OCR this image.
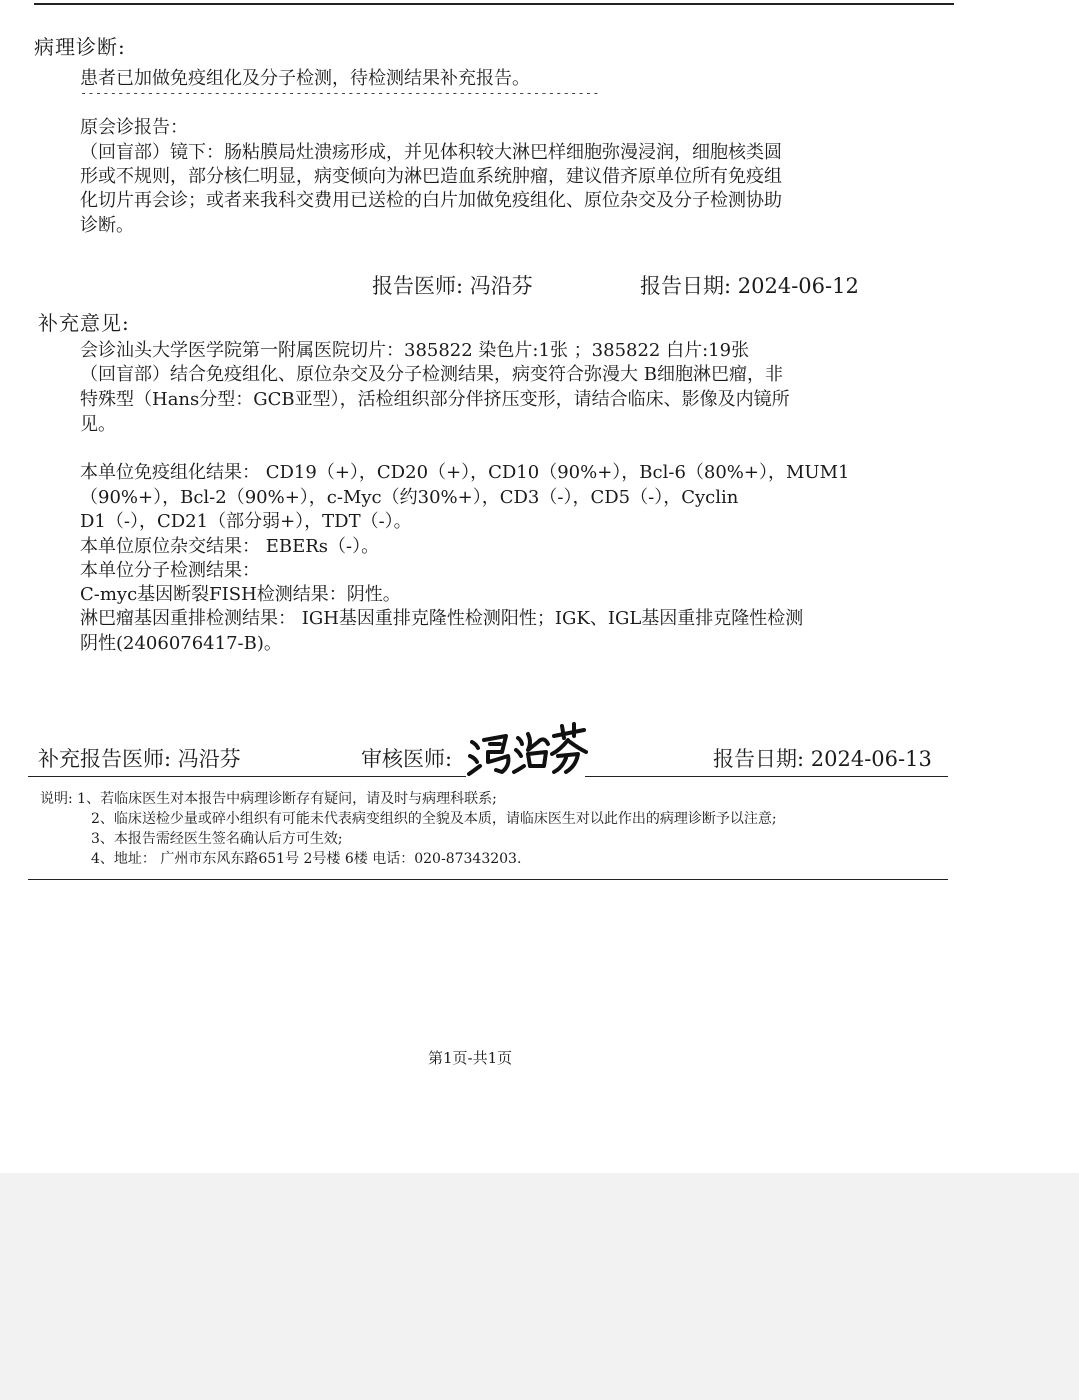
病理诊断:
患者已加做免疫组化及分子检测，待检测结果补充报告。
----------------------------------------------------------------------
原会诊报告：
（回盲部）镜下：肠粘膜局灶溃疡形成，并见体积较大淋巴样细胞弥漫浸润，细胞核类圆
形或不规则，部分核仁明显，病变倾向为淋巴造血系统肿瘤，建议借齐原单位所有免疫组
化切片再会诊；或者来我科交费用已送检的白片加做免疫组化、原位杂交及分子检测协助
诊断。
报告医师: 冯沿芬	报告日期: 2024-06-12
补充意见:
会诊汕头大学医学院第一附属医院切片：385822 染色片:1张 ；385822 白片:19张
（回盲部）结合免疫组化、原位杂交及分子检测结果，病变符合弥漫大 B细胞淋巴瘤，非
特殊型（Hans分型：GCB亚型），活检组织部分伴挤压变形，请结合临床、影像及内镜所
见。
本单位免疫组化结果： CD19（+），CD20（+），CD10（90%+），Bcl-6（80%+），MUM1
（90%+），Bcl-2（90%+），c-Myc（约30%+），CD3（-），CD5（-），Cyclin
D1（-），CD21（部分弱+），TDT（-）。
本单位原位杂交结果： EBERs（-）。
本单位分子检测结果：
C-myc基因断裂FISH检测结果：阴性。
淋巴瘤基因重排检测结果： IGH基因重排克隆性检测阳性；IGK、IGL基因重排克隆性检测
阴性(2406076417-B)。
补充报告医师: 冯沿芬	审核医师:	报告日期: 2024-06-13
说明: 1、若临床医生对本报告中病理诊断存有疑问，请及时与病理科联系;
2、临床送检少量或碎小组织有可能未代表病变组织的全貌及本质，请临床医生对以此作出的病理诊断予以注意;
3、本报告需经医生签名确认后方可生效;
4、地址： 广州市东风东路651号 2号楼 6楼 电话：020-87343203.
第1页-共1页
